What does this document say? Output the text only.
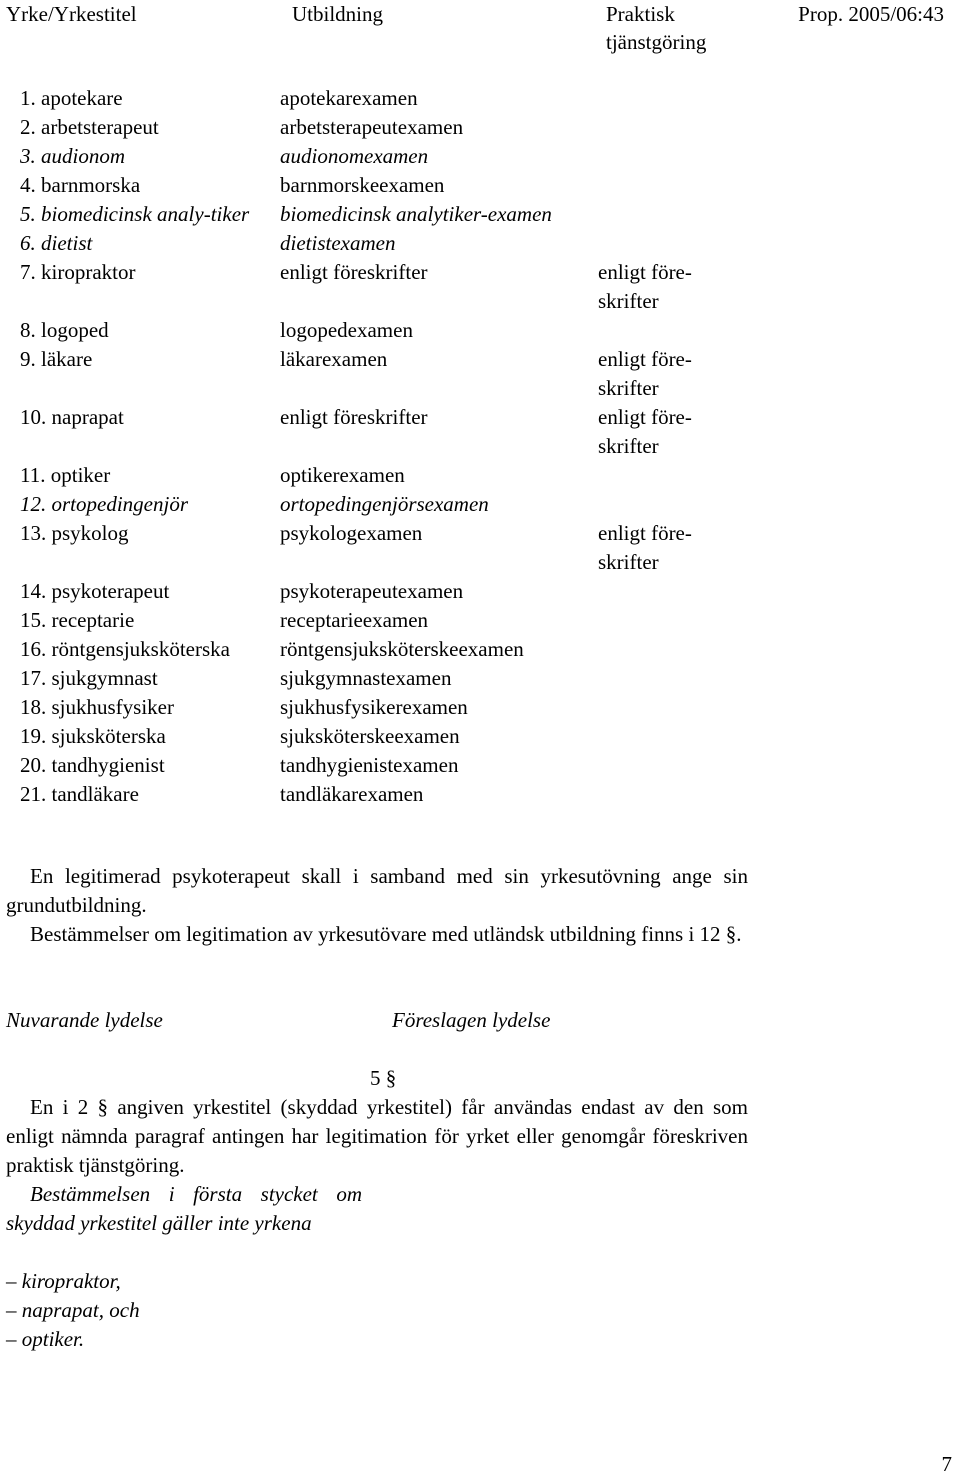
Yrke/Yrkestitel	Utbildning	Praktisk tjänstgöring
Prop. 2005/06:43
1. apotekare	apotekarexamen
2. arbetsterapeut	arbetsterapeutexamen
3. audionom	audionomexamen
4. barnmorska	barnmorskeexamen
5. biomedicinsk analy-tiker	biomedicinsk analytiker-examen
6. dietist	dietistexamen
7. kiropraktor	enligt föreskrifter	enligt före-skrifter
8. logoped	logopedexamen
9. läkare	läkarexamen	enligt före-skrifter
10. naprapat	enligt föreskrifter	enligt före-skrifter
11. optiker	optikerexamen
12. ortopedingenjör	ortopedingenjörsexamen
13. psykolog	psykologexamen	enligt före-skrifter
14. psykoterapeut	psykoterapeutexamen
15. receptarie	receptarieexamen
16. röntgensjuksköterska	röntgensjuksköterskeexamen
17. sjukgymnast	sjukgymnastexamen
18. sjukhusfysiker	sjukhusfysikerexamen
19. sjuksköterska	sjuksköterskeexamen
20. tandhygienist	tandhygienistexamen
21. tandläkare	tandläkarexamen
En legitimerad psykoterapeut skall i samband med sin yrkesutövning ange sin grundutbildning.
Bestämmelser om legitimation av yrkesutövare med utländsk utbildning finns i 12 §.
Nuvarande lydelse	Föreslagen lydelse
5 §
En i 2 § angiven yrkestitel (skyddad yrkestitel) får användas endast av den som enligt nämnda paragraf antingen har legitimation för yrket eller genomgår föreskriven praktisk tjänstgöring.
Bestämmelsen i första stycket om skyddad yrkestitel gäller inte yrkena
– kiropraktor,
– naprapat, och
– optiker.
7
